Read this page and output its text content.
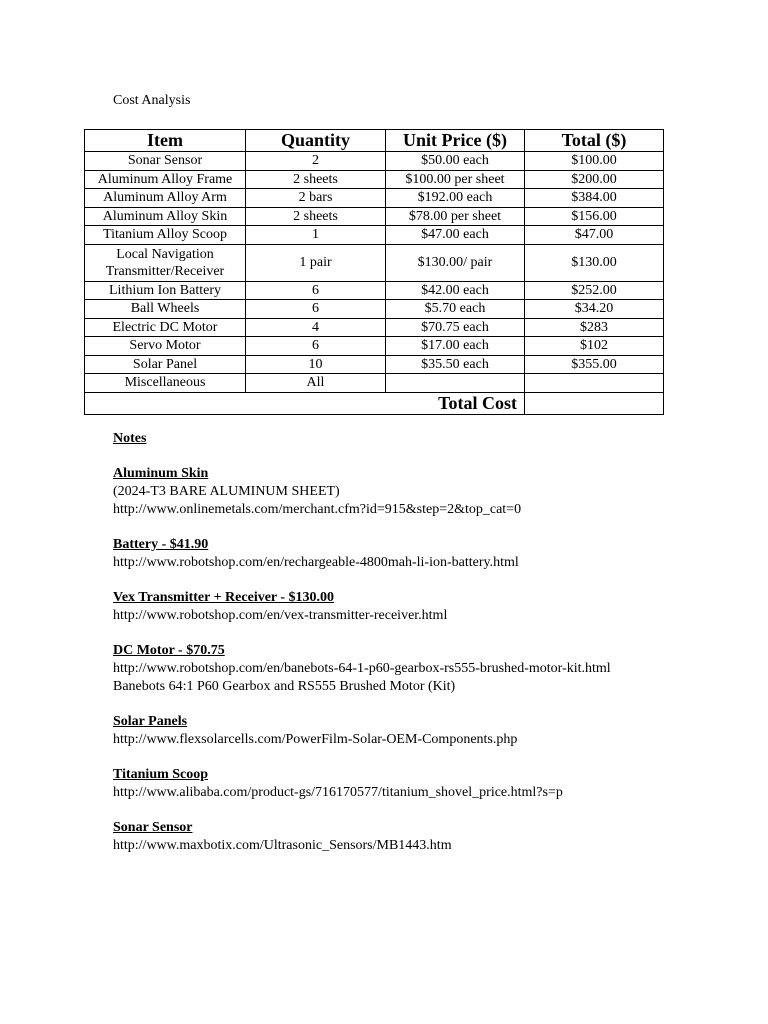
Cost Analysis
Item	Quantity	Unit Price ($)	Total ($)
Sonar Sensor	2	$50.00 each	$100.00
Aluminum Alloy Frame	2 sheets	$100.00 per sheet	$200.00
Aluminum Alloy Arm	2 bars	$192.00 each	$384.00
Aluminum Alloy Skin	2 sheets	$78.00 per sheet	$156.00
Titanium Alloy Scoop	1	$47.00 each	$47.00
Local Navigation Transmitter/Receiver	1 pair	$130.00/ pair	$130.00
Lithium Ion Battery	6	$42.00 each	$252.00
Ball Wheels	6	$5.70 each	$34.20
Electric DC Motor	4	$70.75 each	$283
Servo Motor	6	$17.00 each	$102
Solar Panel	10	$35.50 each	$355.00
Miscellaneous	All		
		Total Cost	
Notes
Aluminum Skin
(2024-T3 BARE ALUMINUM SHEET)
http://www.onlinemetals.com/merchant.cfm?id=915&step=2&top_cat=0
Battery - $41.90
http://www.robotshop.com/en/rechargeable-4800mah-li-ion-battery.html
Vex Transmitter + Receiver - $130.00
http://www.robotshop.com/en/vex-transmitter-receiver.html
DC Motor - $70.75
http://www.robotshop.com/en/banebots-64-1-p60-gearbox-rs555-brushed-motor-kit.html
Banebots 64:1 P60 Gearbox and RS555 Brushed Motor (Kit)
Solar Panels
http://www.flexsolarcells.com/PowerFilm-Solar-OEM-Components.php
Titanium Scoop
http://www.alibaba.com/product-gs/716170577/titanium_shovel_price.html?s=p
Sonar Sensor
http://www.maxbotix.com/Ultrasonic_Sensors/MB1443.htm
